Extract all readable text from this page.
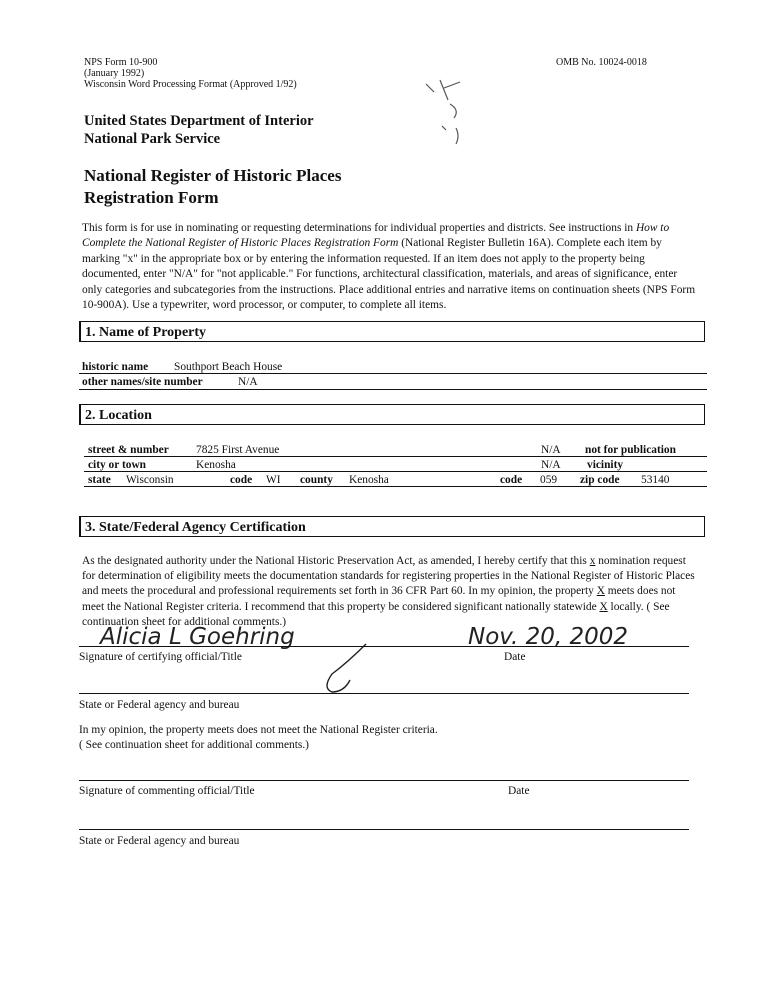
NPS Form 10-900
(January 1992)
Wisconsin Word Processing Format (Approved 1/92)
OMB No. 10024-0018
United States Department of Interior
National Park Service
National Register of Historic Places
Registration Form
This form is for use in nominating or requesting determinations for individual properties and districts. See instructions in How to Complete the National Register of Historic Places Registration Form (National Register Bulletin 16A). Complete each item by marking "x" in the appropriate box or by entering the information requested. If an item does not apply to the property being documented, enter "N/A" for "not applicable." For functions, architectural classification, materials, and areas of significance, enter only categories and subcategories from the instructions. Place additional entries and narrative items on continuation sheets (NPS Form 10-900A). Use a typewriter, word processor, or computer, to complete all items.
1. Name of Property
historic name Southport Beach House
other names/site number	N/A
2. Location
street & number 7825 First Avenue	N/A not for publication
city or town	Kenosha	N/A vicinity
state Wisconsin	code WI county Kenosha	code 059 zip code 53140
3. State/Federal Agency Certification
As the designated authority under the National Historic Preservation Act, as amended, I hereby certify that this x nomination request for determination of eligibility meets the documentation standards for registering properties in the National Register of Historic Places and meets the procedural and professional requirements set forth in 36 CFR Part 60. In my opinion, the property X meets does not meet the National Register criteria. I recommend that this property be considered significant nationally statewide X locally. ( See continuation sheet for additional comments.)
Alicia L Goehring	Nov. 20, 2002
Signature of certifying official/Title	Date
State or Federal agency and bureau
In my opinion, the property meets does not meet the National Register criteria.
( See continuation sheet for additional comments.)
Signature of commenting official/Title	Date
State or Federal agency and bureau
